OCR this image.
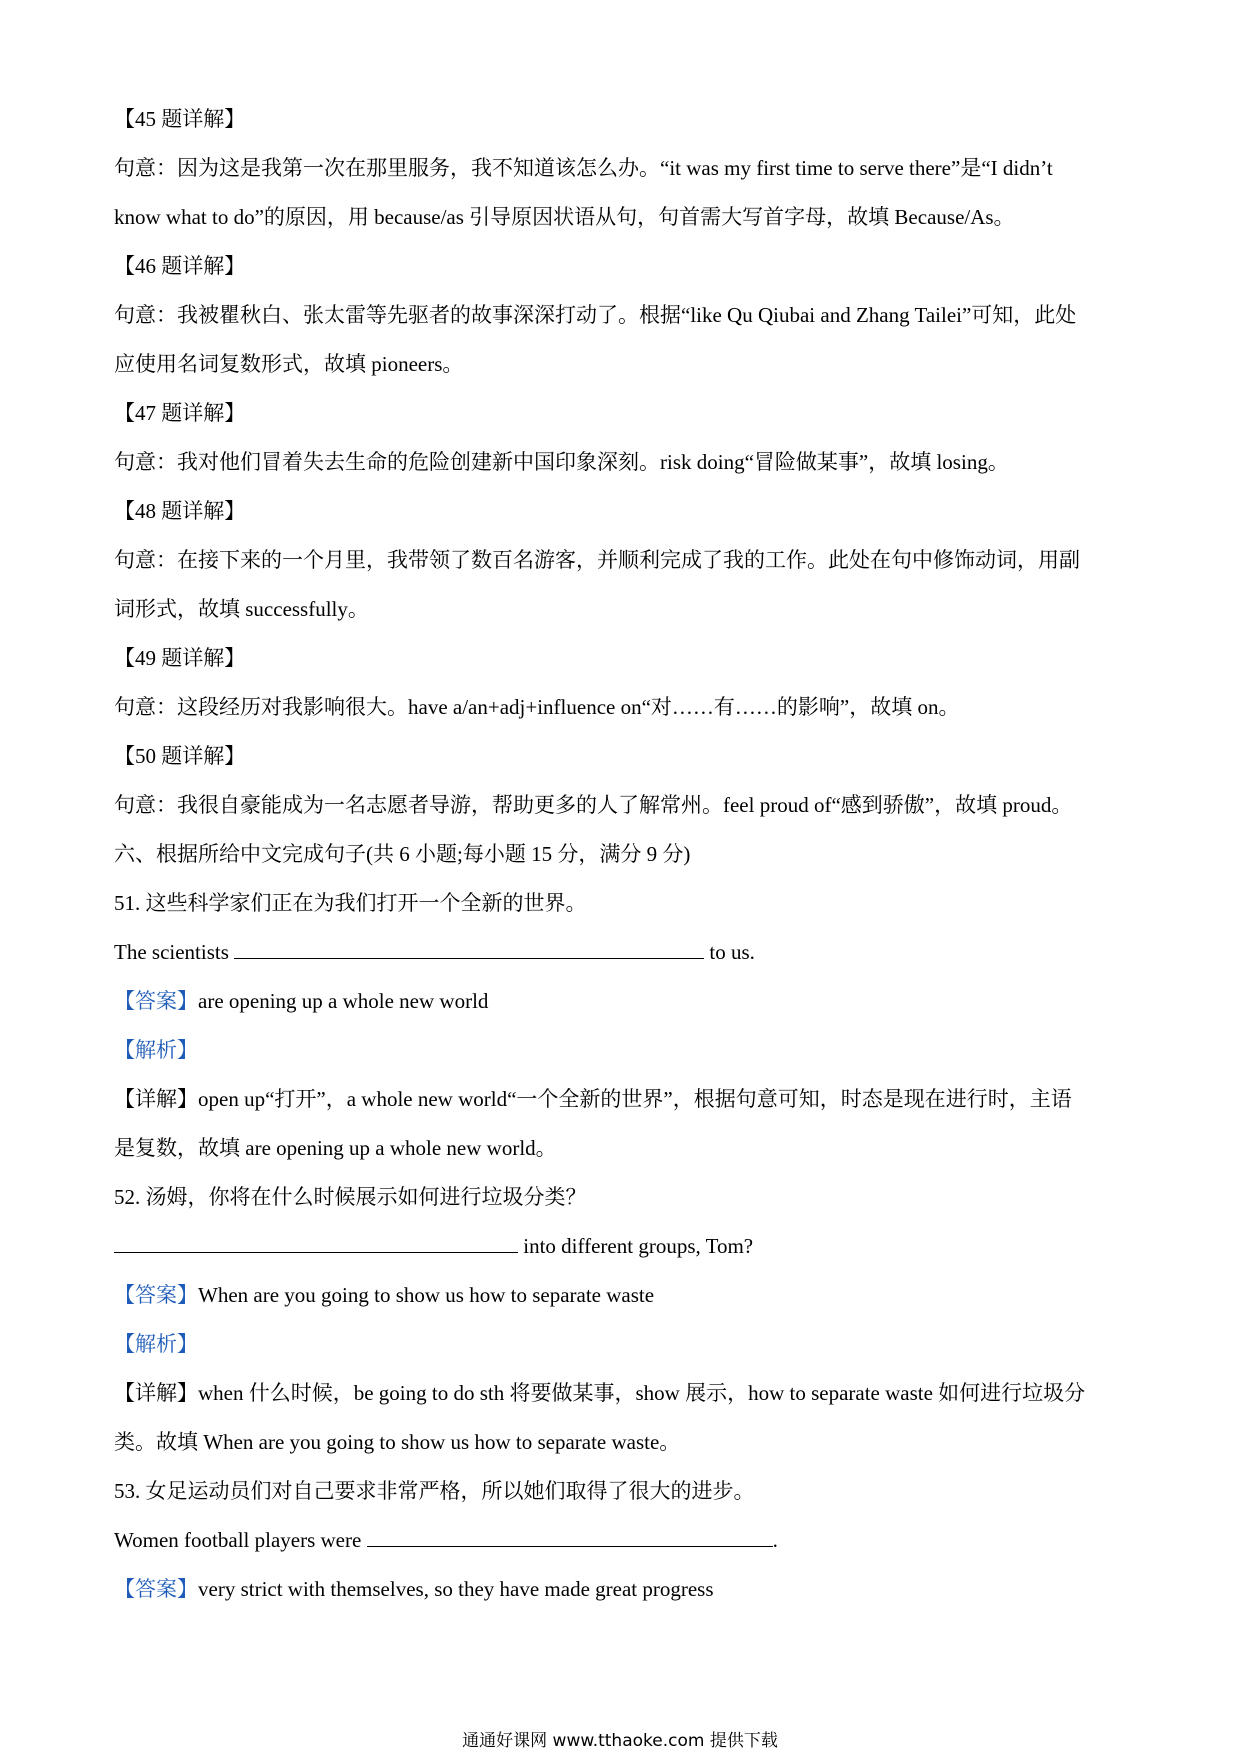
【45 题详解】
句意：因为这是我第一次在那里服务，我不知道该怎么办。“it was my first time to serve there”是“I didn’t
know what to do”的原因，用 because/as 引导原因状语从句，句首需大写首字母，故填 Because/As。
【46 题详解】
句意：我被瞿秋白、张太雷等先驱者的故事深深打动了。根据“like Qu Qiubai and Zhang Tailei”可知，此处
应使用名词复数形式，故填 pioneers。
【47 题详解】
句意：我对他们冒着失去生命的危险创建新中国印象深刻。risk doing“冒险做某事”，故填 losing。
【48 题详解】
句意：在接下来的一个月里，我带领了数百名游客，并顺利完成了我的工作。此处在句中修饰动词，用副
词形式，故填 successfully。
【49 题详解】
句意：这段经历对我影响很大。have a/an+adj+influence on“对……有……的影响”，故填 on。
【50 题详解】
句意：我很自豪能成为一名志愿者导游，帮助更多的人了解常州。feel proud of“感到骄傲”，故填 proud。
六、根据所给中文完成句子(共 6 小题;每小题 15 分，满分 9 分)
51. 这些科学家们正在为我们打开一个全新的世界。
The scientists	to us.
【答案】are opening up a whole new world
【解析】
【详解】open up“打开”，a whole new world“一个全新的世界”，根据句意可知，时态是现在进行时，主语
是复数，故填 are opening up a whole new world。
52. 汤姆，你将在什么时候展示如何进行垃圾分类？
into different groups, Tom?
【答案】When are you going to show us how to separate waste
【解析】
【详解】when 什么时候，be going to do sth 将要做某事，show 展示，how to separate waste 如何进行垃圾分
类。故填 When are you going to show us how to separate waste。
53. 女足运动员们对自己要求非常严格，所以她们取得了很大的进步。
Women football players were	.
【答案】very strict with themselves, so they have made great progress
通通好课网 www.tthaoke.com 提供下载
